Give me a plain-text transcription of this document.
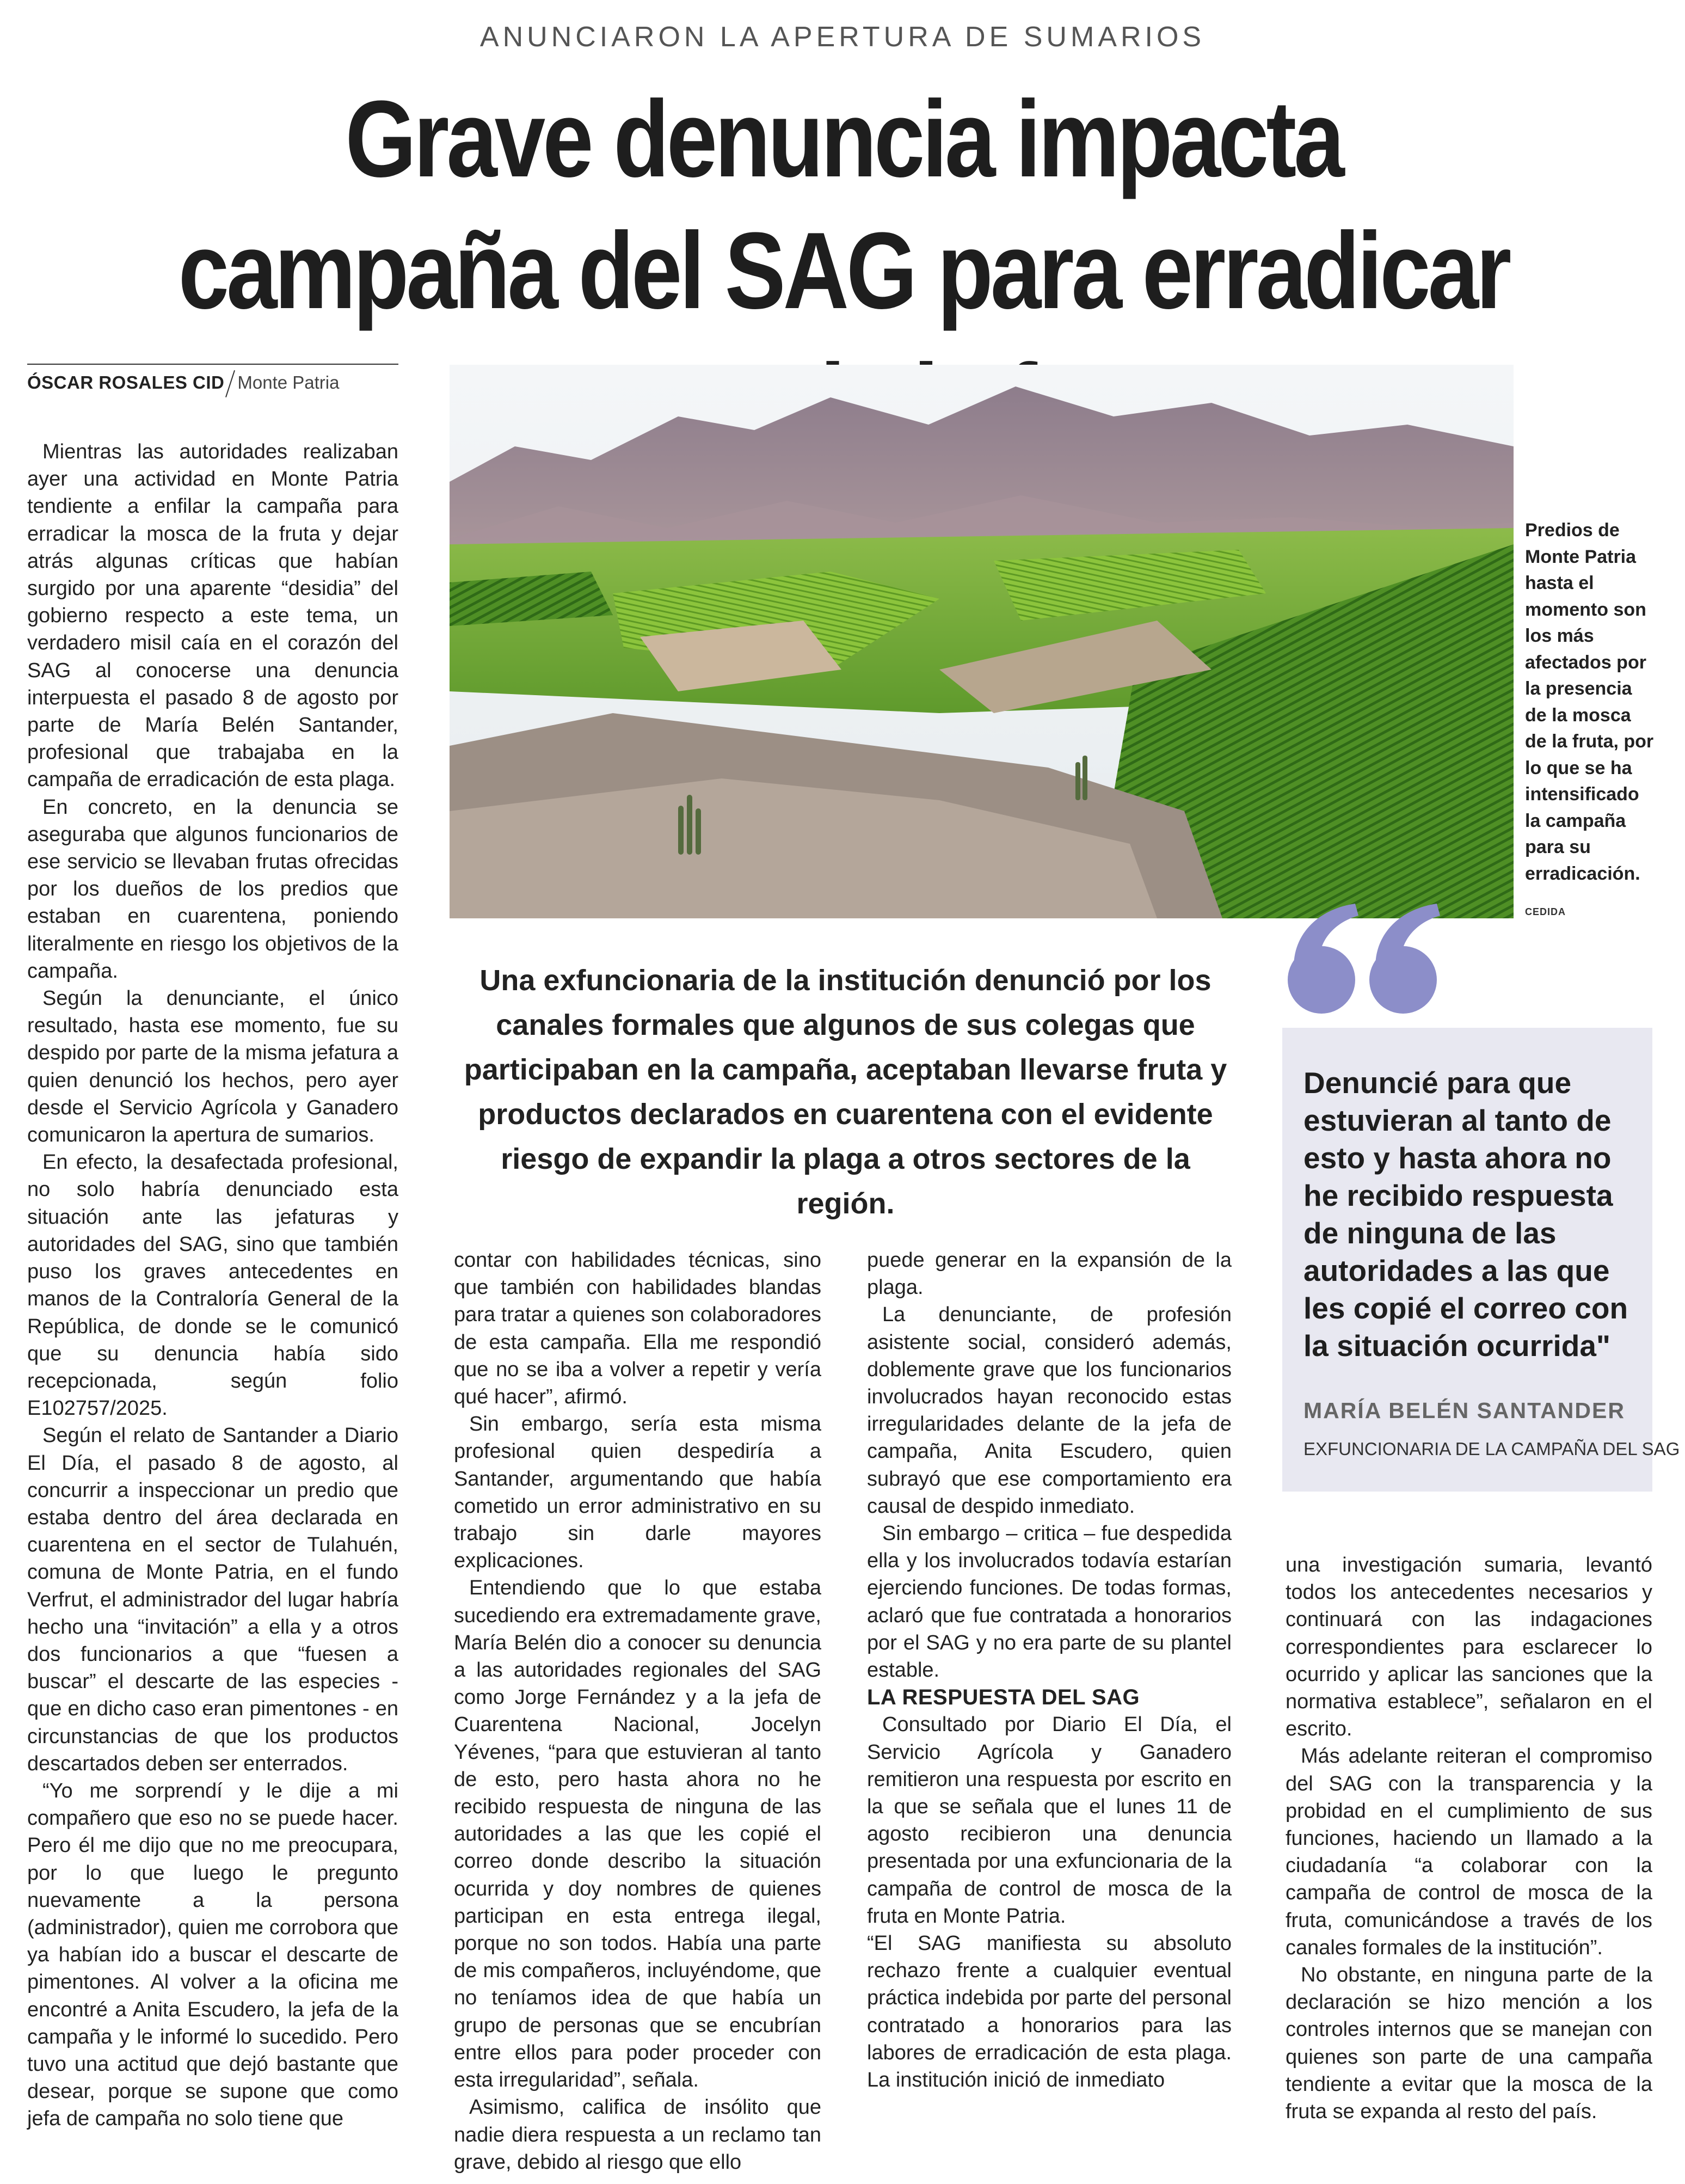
ANUNCIARON LA APERTURA DE SUMARIOS
Grave denuncia impacta campaña del SAG para erradicar
ÓSCAR ROSALES CID Monte Patria

Mientras las autoridades realizaban ayer una actividad en Monte Patria tendiente a enfilar la campaña para erradicar la mosca de la fruta y dejar atrás algunas críticas que habían surgido por una aparente “desidia” del gobierno respecto a este tema, un verdadero misil caía en el corazón del SAG al conocerse una denuncia interpuesta el pasado 8 de agosto por parte de María Belén Santander, profesional que trabajaba en la campaña de erradicación de esta plaga.

En concreto, en la denuncia se aseguraba que algunos funcionarios de ese servicio se llevaban frutas ofrecidas por los dueños de los predios que estaban en cuarentena, poniendo literalmente en riesgo los objetivos de la campaña.

Según la denunciante, el único resultado, hasta ese momento, fue su despido por parte de la misma jefatura a quien denunció los hechos, pero ayer desde el Servicio Agrícola y Ganadero comunicaron la apertura de sumarios.

En efecto, la desafectada profesional, no solo habría denunciado esta situación ante las jefaturas y autoridades del SAG, sino que también puso los graves antecedentes en manos de la Contraloría General de la República, de donde se le comunicó que su denuncia había sido recepcionada, según folio E102757/2025.

Según el relato de Santander a Diario El Día, el pasado 8 de agosto, al concurrir a inspeccionar un predio que estaba dentro del área declarada en cuarentena en el sector de Tulahuén, comuna de Monte Patria, en el fundo Verfrut, el administrador del lugar habría hecho una “invitación” a ella y a otros dos funcionarios a que “fuesen a buscar” el descarte de las especies - que en dicho caso eran pimentones - en circunstancias de que los productos descartados deben ser enterrados.

“Yo me sorprendí y le dije a mi compañero que eso no se puede hacer. Pero él me dijo que no me preocupara, por lo que luego le pregunto nuevamente a la persona (administrador), quien me corrobora que ya habían ido a buscar el descarte de pimentones. Al volver a la oficina me encontré a Anita Escudero, la jefa de la campaña y le informé lo sucedido. Pero tuvo una actitud que dejó bastante que desear, porque se supone que como jefa de campaña no solo tiene que

Predios de Monte Patria hasta el momento son los más afectados por la presencia de la mosca de la fruta, por lo que se ha intensificado la campaña para su erradicación.
CEDIDA
Una exfuncionaria de la institución denunció por los canales formales que algunos de sus colegas que participaban en la campaña, aceptaban llevarse fruta y productos declarados en cuarentena con el evidente riesgo de expandir la plaga a otros sectores de la región.
Denuncié para que estuvieran al tanto de esto y hasta ahora no he recibido respuesta de ninguna de las autoridades a las que les copié el correo con la situación ocurrida"
MARÍA BELÉN SANTANDER
EXFUNCIONARIA DE LA CAMPAÑA DEL SAG

contar con habilidades técnicas, sino que también con habilidades blandas para tratar a quienes son colaboradores de esta campaña. Ella me respondió que no se iba a volver a repetir y vería qué hacer”, afirmó.

Sin embargo, sería esta misma profesional quien despediría a Santander, argumentando que había cometido un error administrativo en su trabajo sin darle mayores explicaciones.

Entendiendo que lo que estaba sucediendo era extremadamente grave, María Belén dio a conocer su denuncia a las autoridades regionales del SAG como Jorge Fernández y a la jefa de Cuarentena Nacional, Jocelyn Yévenes, “para que estuvieran al tanto de esto, pero hasta ahora no he recibido respuesta de ninguna de las autoridades a las que les copié el correo donde describo la situación ocurrida y doy nombres de quienes participan en esta entrega ilegal, porque no son todos. Había una parte de mis compañeros, incluyéndome, que no teníamos idea de que había un grupo de personas que se encubrían entre ellos para poder proceder con esta irregularidad”, señala.

Asimismo, califica de insólito que nadie diera respuesta a un reclamo tan grave, debido al riesgo que ello

puede generar en la expansión de la plaga.

La denunciante, de profesión asistente social, consideró además, doblemente grave que los funcionarios involucrados hayan reconocido estas irregularidades delante de la jefa de campaña, Anita Escudero, quien subrayó que ese comportamiento era causal de despido inmediato.

Sin embargo – critica – fue despedida ella y los involucrados todavía estarían ejerciendo funciones. De todas formas, aclaró que fue contratada a honorarios por el SAG y no era parte de su plantel estable.

LA RESPUESTA DEL SAG

Consultado por Diario El Día, el Servicio Agrícola y Ganadero remitieron una respuesta por escrito en la que se señala que el lunes 11 de agosto recibieron una denuncia presentada por una exfuncionaria de la campaña de control de mosca de la fruta en Monte Patria.

“El SAG manifiesta su absoluto rechazo frente a cualquier eventual práctica indebida por parte del personal contratado a honorarios para las labores de erradicación de esta plaga. La institución inició de inmediato

una investigación sumaria, levantó todos los antecedentes necesarios y continuará con las indagaciones correspondientes para esclarecer lo ocurrido y aplicar las sanciones que la normativa establece”, señalaron en el escrito.

Más adelante reiteran el compromiso del SAG con la transparencia y la probidad en el cumplimiento de sus funciones, haciendo un llamado a la ciudadanía “a colaborar con la campaña de control de mosca de la fruta, comunicándose a través de los canales formales de la institución”.

No obstante, en ninguna parte de la declaración se hizo mención a los controles internos que se manejan con quienes son parte de una campaña tendiente a evitar que la mosca de la fruta se expanda al resto del país.
